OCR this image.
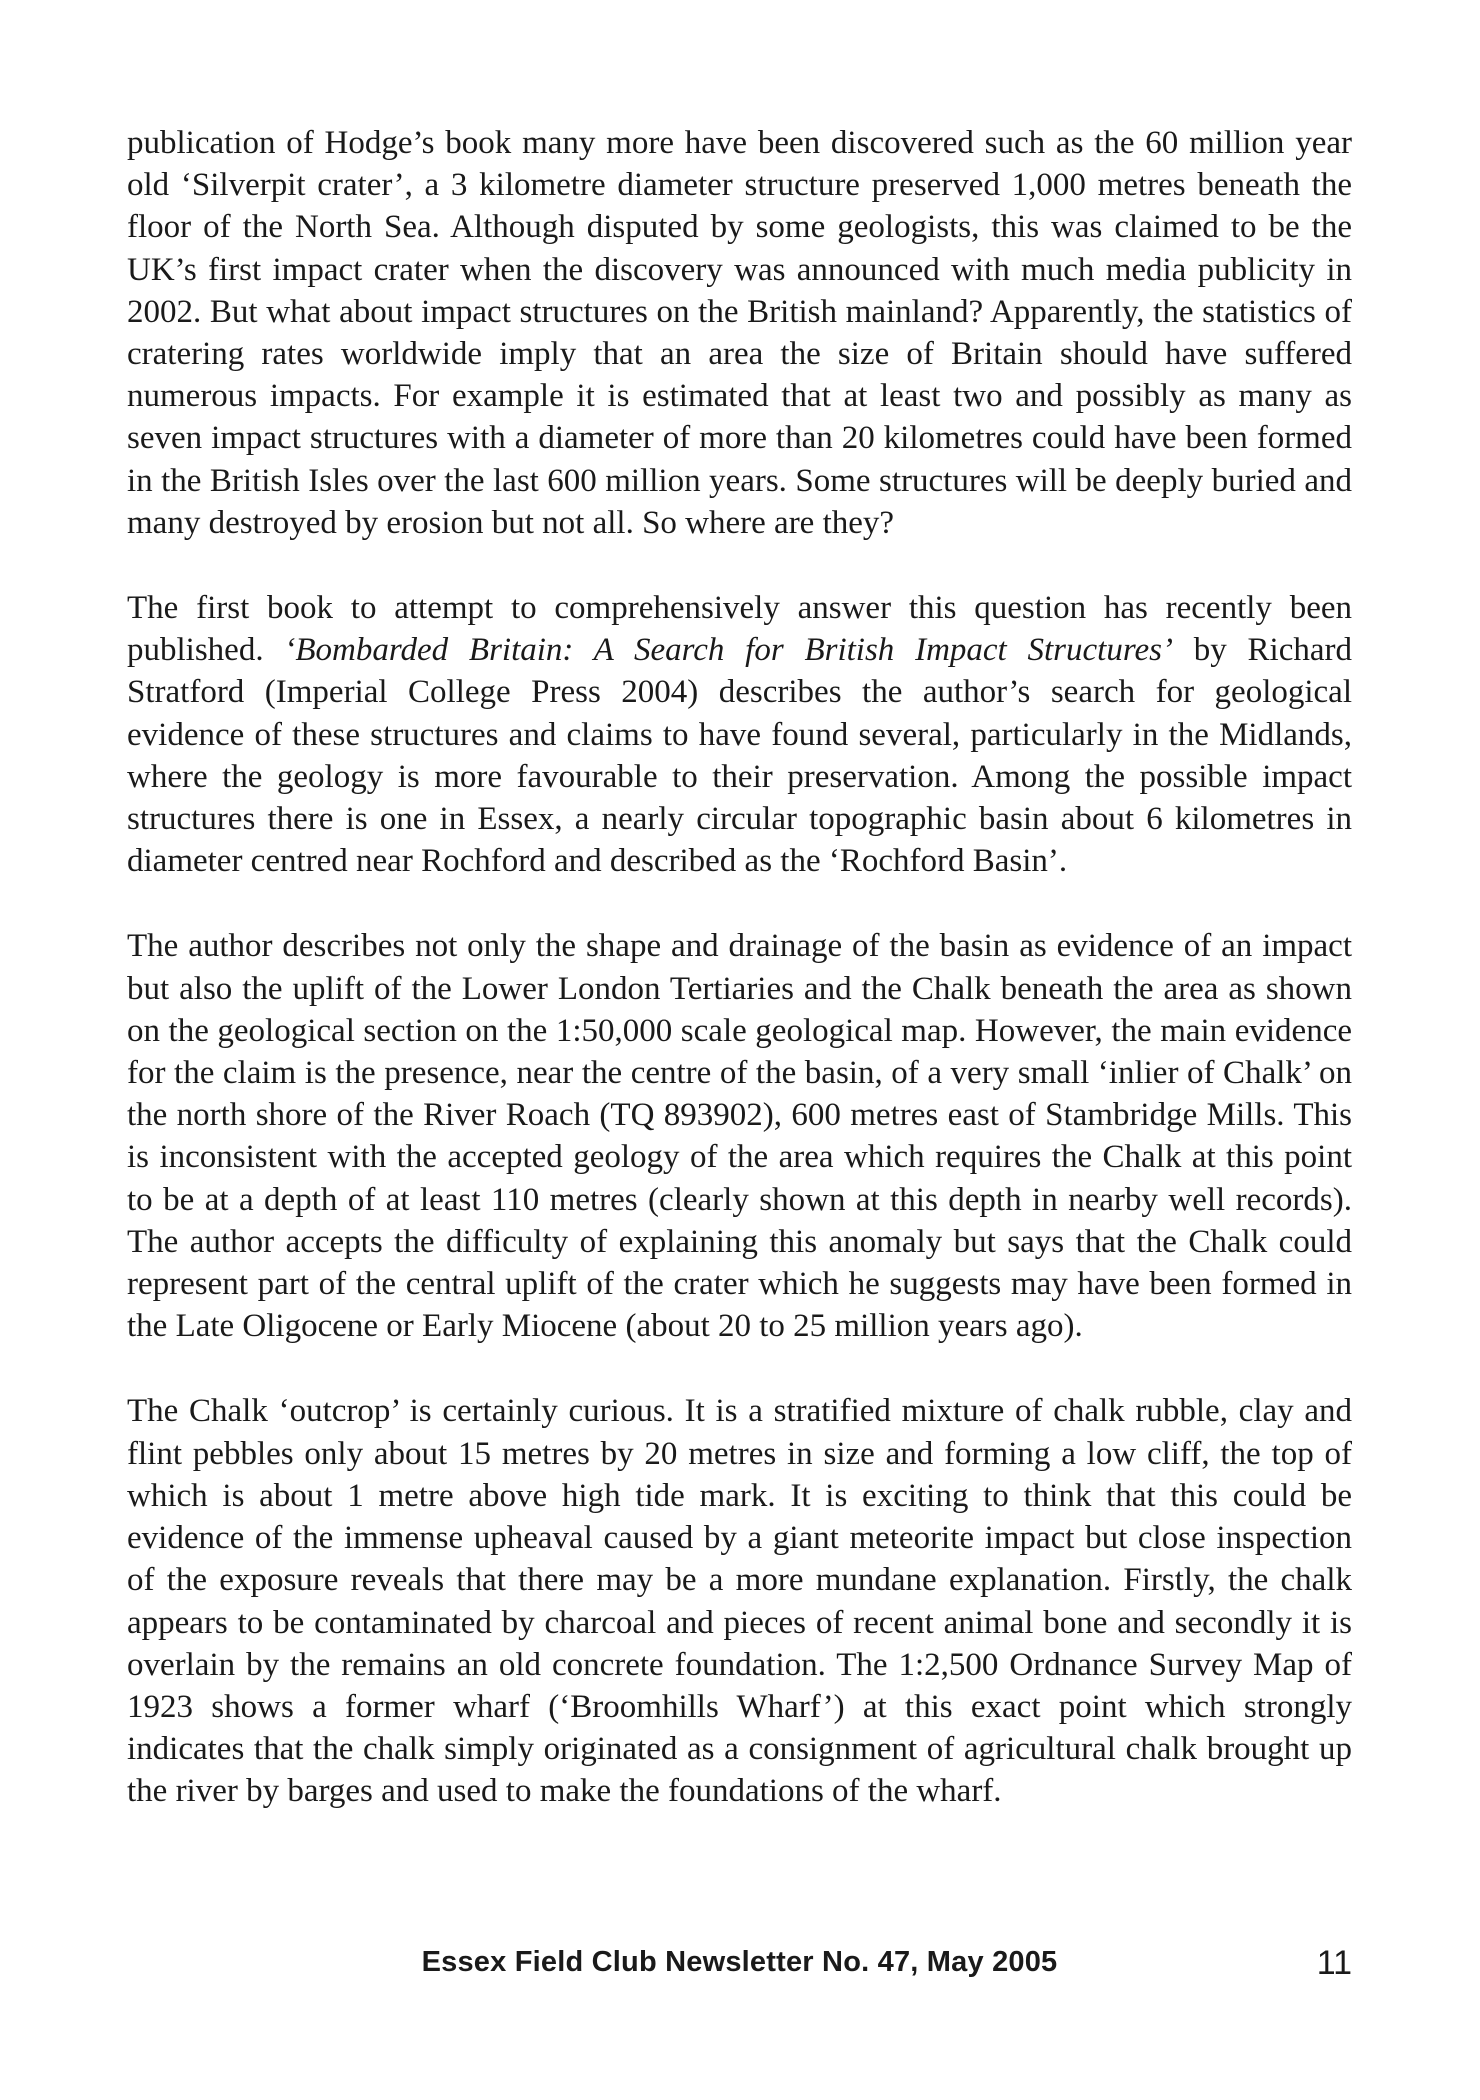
publication of Hodge’s book many more have been discovered such as the 60 million year old ‘Silverpit crater’, a 3 kilometre diameter structure preserved 1,000 metres beneath the floor of the North Sea. Although disputed by some geologists, this was claimed to be the UK’s first impact crater when the discovery was announced with much media publicity in 2002. But what about impact structures on the British mainland? Apparently, the statistics of cratering rates worldwide imply that an area the size of Britain should have suffered numerous impacts. For example it is estimated that at least two and possibly as many as seven impact structures with a diameter of more than 20 kilometres could have been formed in the British Isles over the last 600 million years. Some structures will be deeply buried and many destroyed by erosion but not all. So where are they?

The first book to attempt to comprehensively answer this question has recently been published. ‘Bombarded Britain: A Search for British Impact Structures’ by Richard Stratford (Imperial College Press 2004) describes the author’s search for geological evidence of these structures and claims to have found several, particularly in the Midlands, where the geology is more favourable to their preservation. Among the possible impact structures there is one in Essex, a nearly circular topographic basin about 6 kilometres in diameter centred near Rochford and described as the ‘Rochford Basin’.

The author describes not only the shape and drainage of the basin as evidence of an impact but also the uplift of the Lower London Tertiaries and the Chalk beneath the area as shown on the geological section on the 1:50,000 scale geological map. However, the main evidence for the claim is the presence, near the centre of the basin, of a very small ‘inlier of Chalk’ on the north shore of the River Roach (TQ 893902), 600 metres east of Stambridge Mills. This is inconsistent with the accepted geology of the area which requires the Chalk at this point to be at a depth of at least 110 metres (clearly shown at this depth in nearby well records). The author accepts the difficulty of explaining this anomaly but says that the Chalk could represent part of the central uplift of the crater which he suggests may have been formed in the Late Oligocene or Early Miocene (about 20 to 25 million years ago).

The Chalk ‘outcrop’ is certainly curious. It is a stratified mixture of chalk rubble, clay and flint pebbles only about 15 metres by 20 metres in size and forming a low cliff, the top of which is about 1 metre above high tide mark. It is exciting to think that this could be evidence of the immense upheaval caused by a giant meteorite impact but close inspection of the exposure reveals that there may be a more mundane explanation. Firstly, the chalk appears to be contaminated by charcoal and pieces of recent animal bone and secondly it is overlain by the remains an old concrete foundation. The 1:2,500 Ordnance Survey Map of 1923 shows a former wharf (‘Broomhills Wharf’) at this exact point which strongly indicates that the chalk simply originated as a consignment of agricultural chalk brought up the river by barges and used to make the foundations of the wharf.

Essex Field Club Newsletter No. 47, May 2005	11
